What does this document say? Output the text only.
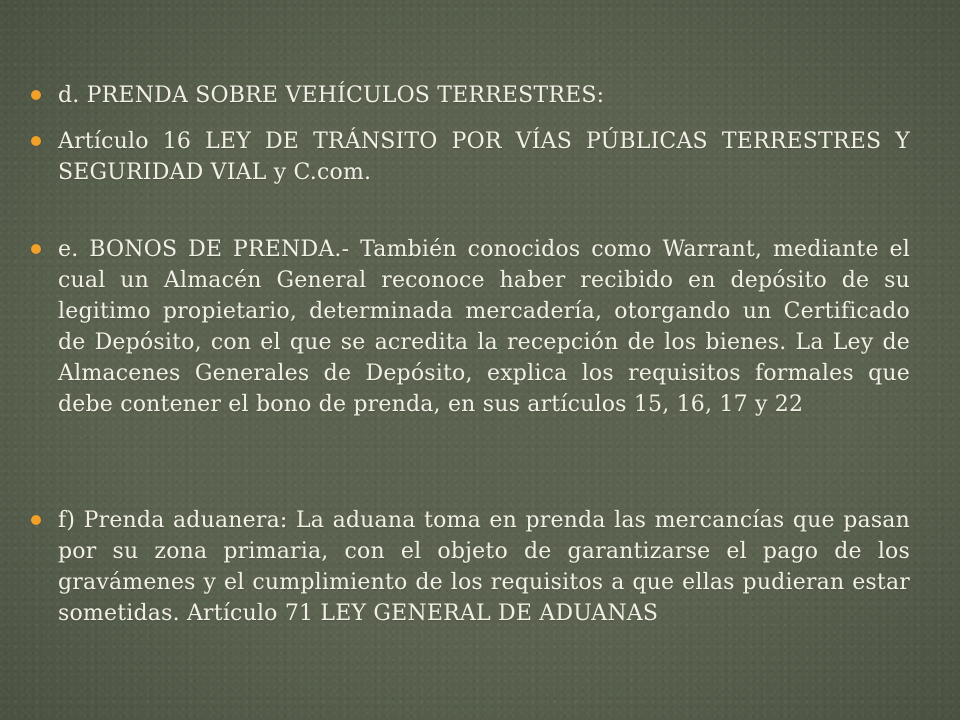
d. PRENDA SOBRE VEHÍCULOS TERRESTRES:
Artículo 16 LEY DE TRÁNSITO POR VÍAS PÚBLICAS TERRESTRES Y SEGURIDAD VIAL y C.com.
e. BONOS DE PRENDA.- También conocidos como Warrant, mediante el cual un Almacén General reconoce haber recibido en depósito de su legitimo propietario, determinada mercadería, otorgando un Certificado de Depósito, con el que se acredita la recepción de los bienes. La Ley de Almacenes Generales de Depósito, explica los requisitos formales que debe contener el bono de prenda, en sus artículos 15, 16, 17 y 22
f) Prenda aduanera: La aduana toma en prenda las mercancías que pasan por su zona primaria, con el objeto de garantizarse el pago de los gravámenes y el cumplimiento de los requisitos a que ellas pudieran estar sometidas. Artículo 71 LEY GENERAL DE ADUANAS
